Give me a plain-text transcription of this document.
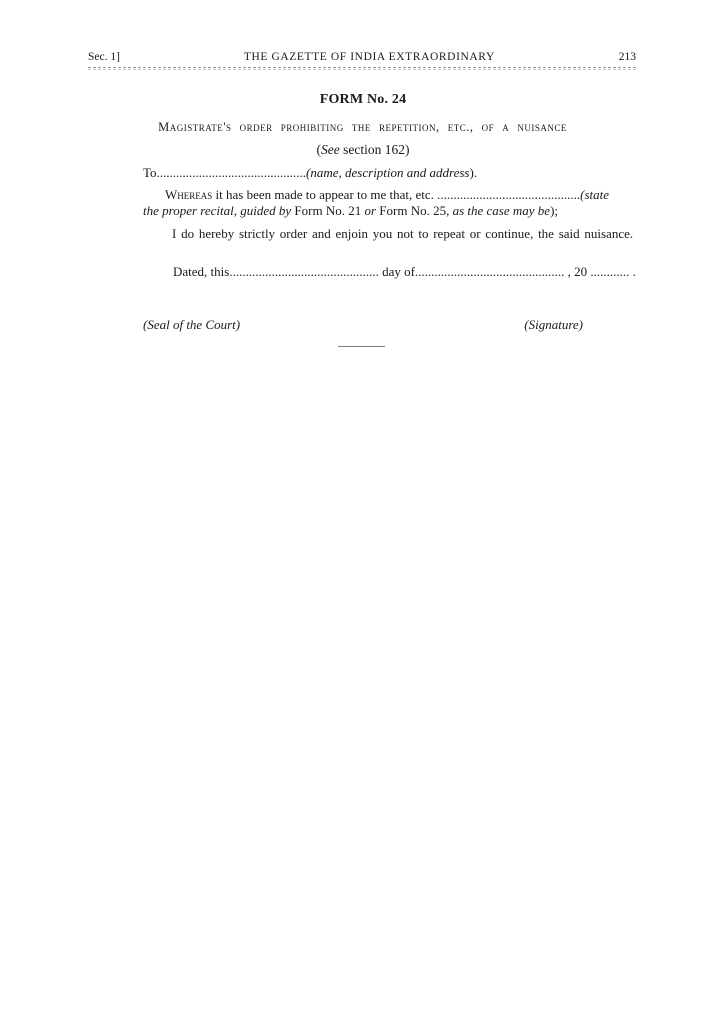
Sec. 1]	THE GAZETTE OF INDIA EXTRAORDINARY	213
FORM No. 24
Magistrate's order prohibiting the repetition, etc., of a nuisance
(See section 162)
To..............................................(name, description and address).
Whereas it has been made to appear to me that, etc. ............................................(state
the proper recital, guided by Form No. 21 or Form No. 25, as the case may be);
I do hereby strictly order and enjoin you not to repeat or continue, the said nuisance.
Dated, this.............................................. day of.............................................. , 20 ............ .
(Seal of the Court)	(Signature)
